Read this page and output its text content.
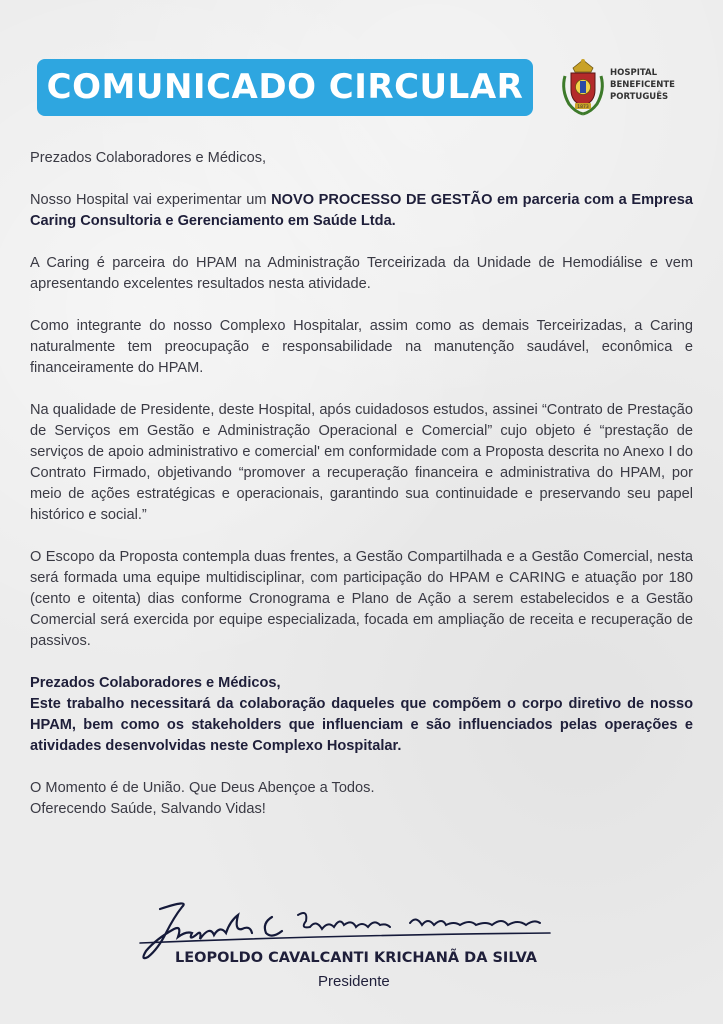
COMUNICADO CIRCULAR
1873
HOSPITAL
BENEFICENTE
PORTUGUÊS

Prezados Colaboradores e Médicos,

Nosso Hospital vai experimentar um NOVO PROCESSO DE GESTÃO em parceria com a Empresa Caring Consultoria e Gerenciamento em Saúde Ltda.

A Caring é parceira do HPAM na Administração Terceirizada da Unidade de Hemodiálise e vem apresentando excelentes resultados nesta atividade.

Como integrante do nosso Complexo Hospitalar, assim como as demais Terceirizadas, a Caring naturalmente tem preocupação e responsabilidade na manutenção saudável, econômica e financeiramente do HPAM.

Na qualidade de Presidente, deste Hospital, após cuidadosos estudos, assinei “Contrato de Prestação de Serviços em Gestão e Administração Operacional e Comercial” cujo objeto é “prestação de serviços de apoio administrativo e comercial' em conformidade com a Proposta descrita no Anexo I do Contrato Firmado, objetivando “promover a recuperação financeira e administrativa do HPAM, por meio de ações estratégicas e operacionais, garantindo sua continuidade e preservando seu papel histórico e social.”

O Escopo da Proposta contempla duas frentes, a Gestão Compartilhada e a Gestão Comercial, nesta será formada uma equipe multidisciplinar, com participação do HPAM e CARING e atuação por 180 (cento e oitenta) dias conforme Cronograma e Plano de Ação a serem estabelecidos e a Gestão Comercial será exercida por equipe especializada, focada em ampliação de receita e recuperação de passivos.

Prezados Colaboradores e Médicos,

Este trabalho necessitará da colaboração daqueles que compõem o corpo diretivo de nosso HPAM, bem como os stakeholders que influenciam e são influenciados pelas operações e atividades desenvolvidas neste Complexo Hospitalar.

O Momento é de União. Que Deus Abençoe a Todos.

Oferecendo Saúde, Salvando Vidas!

LEOPOLDO CAVALCANTI KRICHANÃ DA SILVA
Presidente
